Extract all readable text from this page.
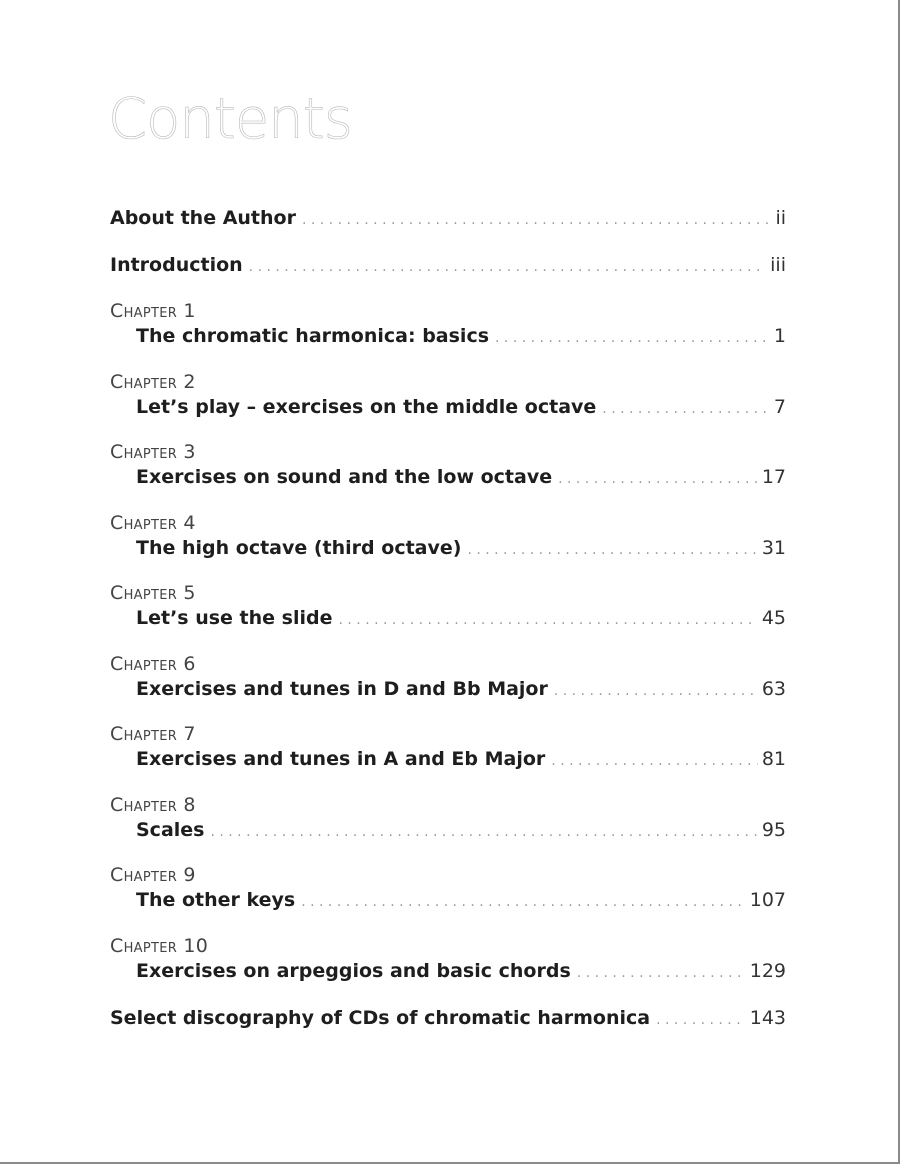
Contents
About the Author . . .	ii
Introduction . . .	iii
Chapter 1
The chromatic harmonica: basics . . .	1
Chapter 2
Let’s play – exercises on the middle octave . . .	7
Chapter 3
Exercises on sound and the low octave . . .	17
Chapter 4
The high octave (third octave) . . .	31
Chapter 5
Let’s use the slide . . .	45
Chapter 6
Exercises and tunes in D and Bb Major . . .	63
Chapter 7
Exercises and tunes in A and Eb Major . . .	81
Chapter 8
Scales . . .	95
Chapter 9
The other keys . . .	107
Chapter 10
Exercises on arpeggios and basic chords . . .	129
Select discography of CDs of chromatic harmonica . . .	143
